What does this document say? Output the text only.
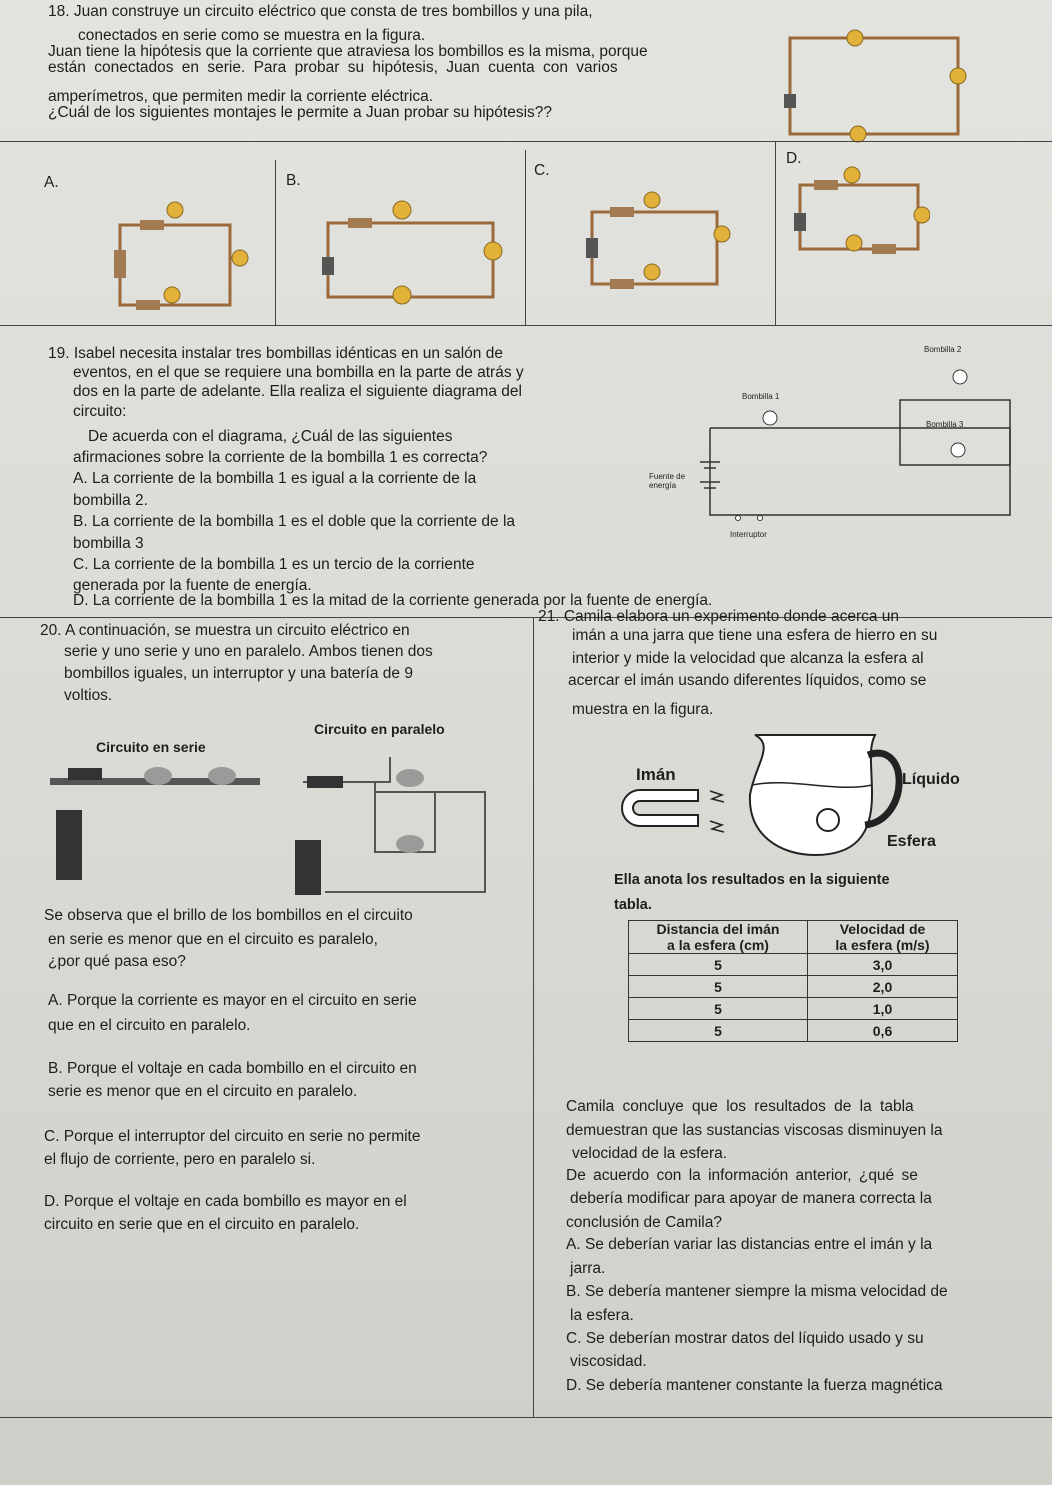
18. Juan construye un circuito eléctrico que consta de tres bombillos y una pila,
conectados en serie como se muestra en la figura.
Juan tiene la hipótesis que la corriente que atraviesa los bombillos es la misma, porque
están conectados en serie. Para probar su hipótesis, Juan cuenta con varios
amperímetros, que permiten medir la corriente eléctrica.
¿Cuál de los siguientes montajes le permite a Juan probar su hipótesis??
A.	B.
C.
D.
19. Isabel necesita instalar tres bombillas idénticas en un salón de
eventos, en el que se requiere una bombilla en la parte de atrás y
dos en la parte de adelante. Ella realiza el siguiente diagrama del
circuito:
De acuerda con el diagrama, ¿Cuál de las siguientes
afirmaciones sobre la corriente de la bombilla 1 es correcta?
A. La corriente de la bombilla 1 es igual a la corriente de la
bombilla 2.
B. La corriente de la bombilla 1 es el doble que la corriente de la
bombilla 3
C. La corriente de la bombilla 1 es un tercio de la corriente
generada por la fuente de energía.
D. La corriente de la bombilla 1 es la mitad de la corriente generada por la fuente de energía.
Bombilla 1
Bombilla 2
Bombilla 3
Fuente de energía
Interruptor
20. A continuación, se muestra un circuito eléctrico en
serie y uno serie y uno en paralelo. Ambos tienen dos
bombillos iguales, un interruptor y una batería de 9
voltios.
Circuito en paralelo
Circuito en serie
Se observa que el brillo de los bombillos en el circuito
en serie es menor que en el circuito es paralelo,
¿por qué pasa eso?
A. Porque la corriente es mayor en el circuito en serie
que en el circuito en paralelo.
B. Porque el voltaje en cada bombillo en el circuito en
serie es menor que en el circuito en paralelo.
C. Porque el interruptor del circuito en serie no permite
el flujo de corriente, pero en paralelo si.
D. Porque el voltaje en cada bombillo es mayor en el
circuito en serie que en el circuito en paralelo.
21. Camila elabora un experimento donde acerca un
imán a una jarra que tiene una esfera de hierro en su
interior y mide la velocidad que alcanza la esfera al
acercar el imán usando diferentes líquidos, como se
muestra en la figura.
Imán	Líquido
Esfera
Ella anota los resultados en la siguiente
tabla.
Distancia del imán
a la esfera (cm)	Velocidad de
la esfera (m/s)
5	3,0
5	2,0
5	1,0
5	0,6
Camila concluye que los resultados de la tabla
demuestran que las sustancias viscosas disminuyen la
velocidad de la esfera.
De acuerdo con la información anterior, ¿qué se
debería modificar para apoyar de manera correcta la
conclusión de Camila?
A. Se deberían variar las distancias entre el imán y la
jarra.
B. Se debería mantener siempre la misma velocidad de
la esfera.
C. Se deberían mostrar datos del líquido usado y su
viscosidad.
D. Se debería mantener constante la fuerza magnética
